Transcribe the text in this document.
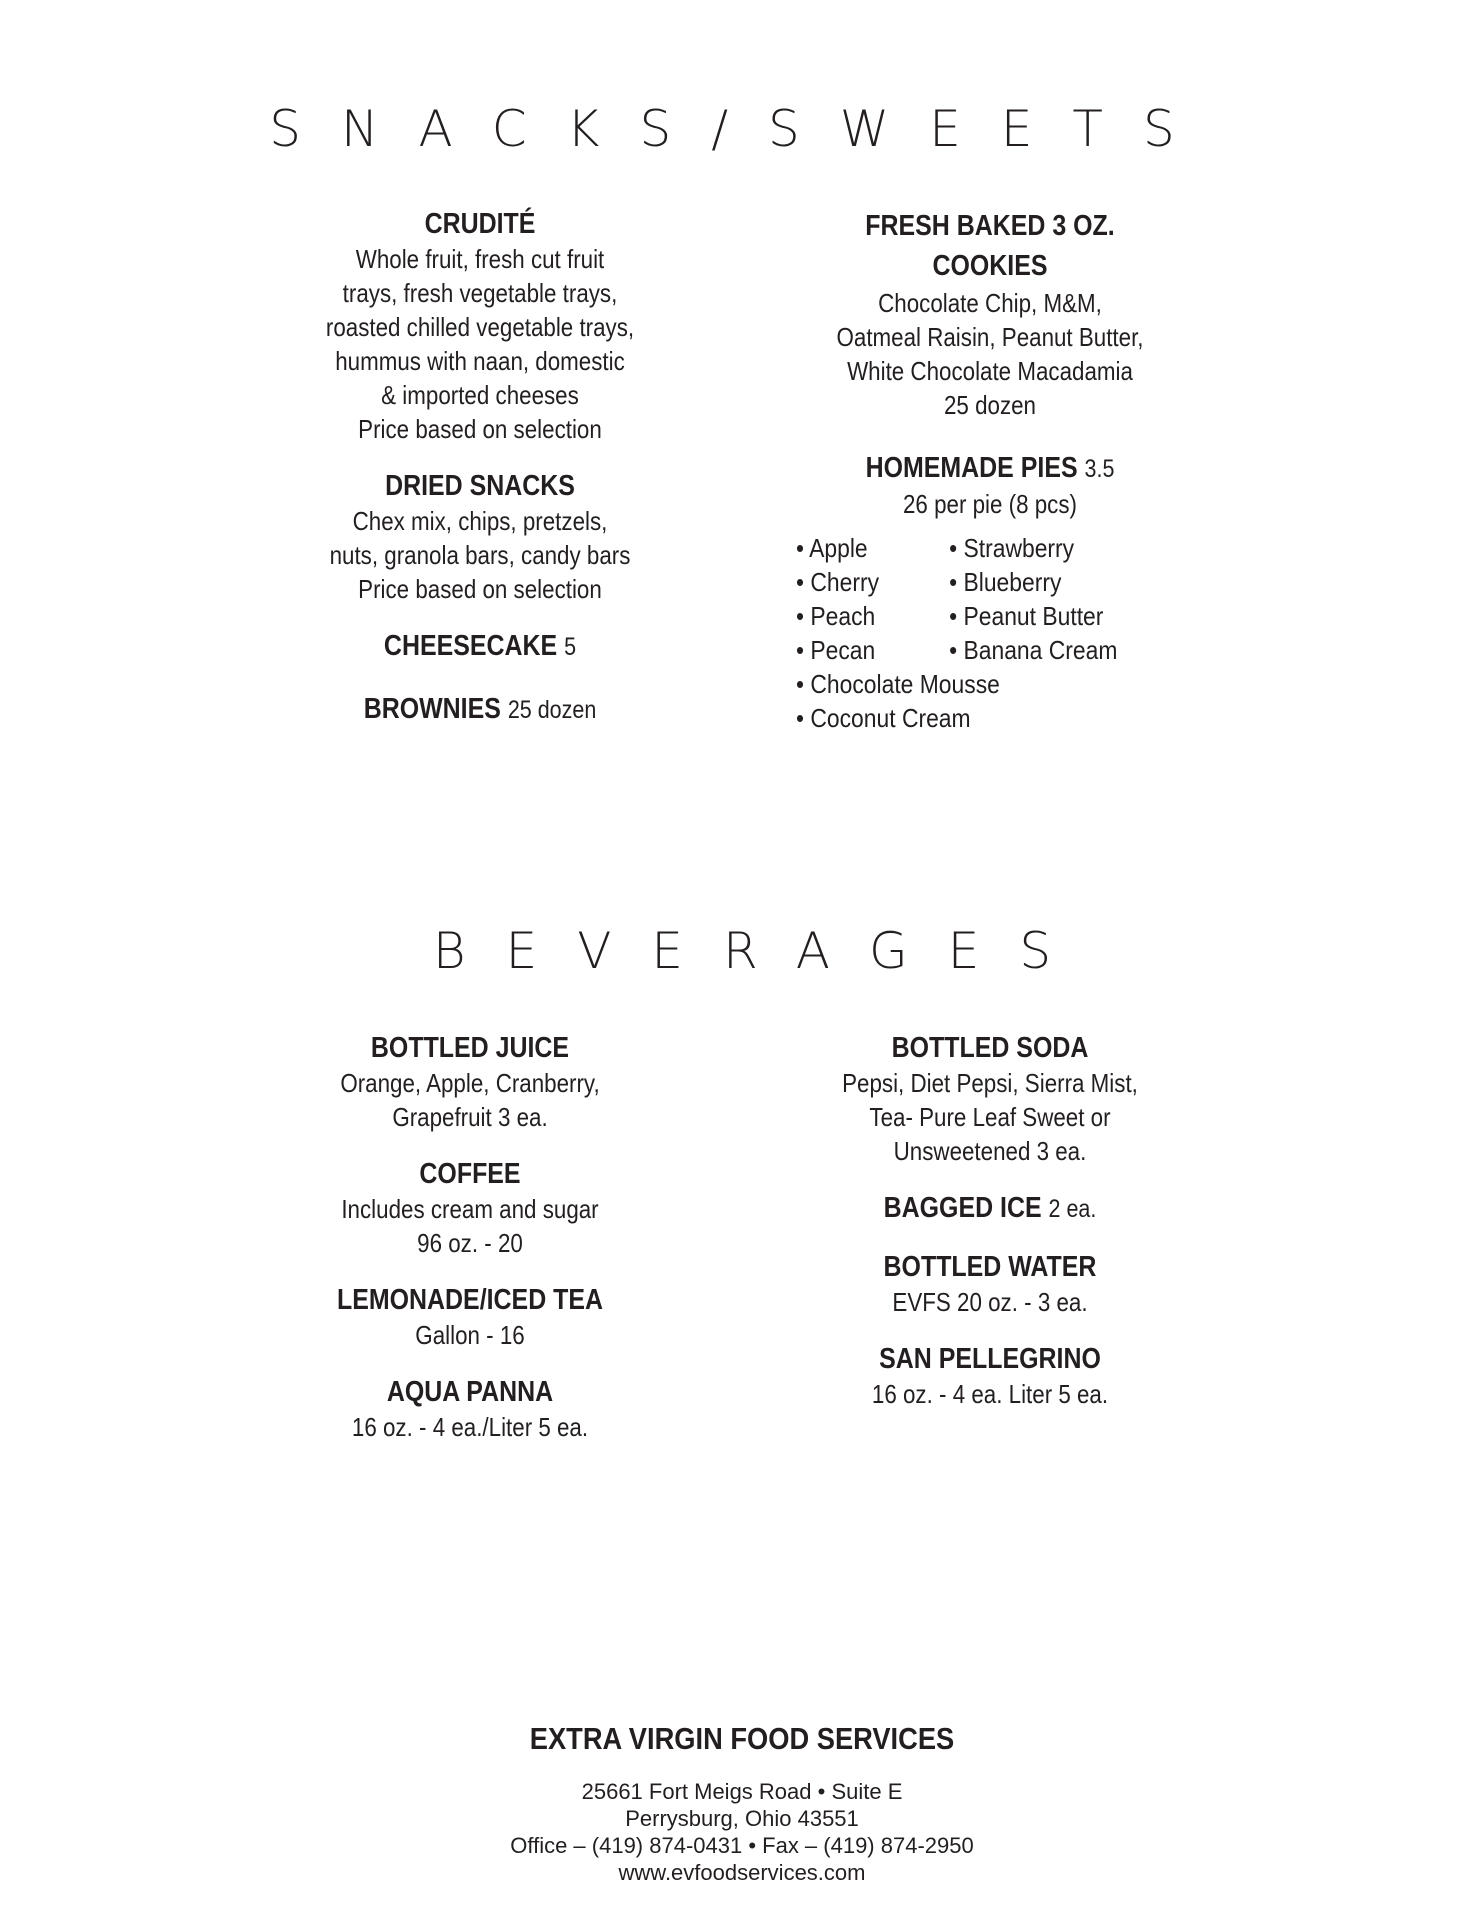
SNACKS/SWEETS
CRUDITÉ
Whole fruit, fresh cut fruit
trays, fresh vegetable trays,
roasted chilled vegetable trays,
hummus with naan, domestic
& imported cheeses
Price based on selection
DRIED SNACKS
Chex mix, chips, pretzels,
nuts, granola bars, candy bars
Price based on selection
CHEESECAKE 5
BROWNIES 25 dozen
FRESH BAKED 3 OZ.
COOKIES
Chocolate Chip, M&M,
Oatmeal Raisin, Peanut Butter,
White Chocolate Macadamia
25 dozen
HOMEMADE PIES 3.5
26 per pie (8 pcs)
• Apple	• Strawberry
• Cherry	• Blueberry
• Peach	• Peanut Butter
• Pecan	• Banana Cream
• Chocolate Mousse
• Coconut Cream
BEVERAGES
BOTTLED JUICE
Orange, Apple, Cranberry,
Grapefruit 3 ea.
COFFEE
Includes cream and sugar
96 oz. - 20
LEMONADE/ICED TEA
Gallon - 16
AQUA PANNA
16 oz. - 4 ea./Liter 5 ea.
BOTTLED SODA
Pepsi, Diet Pepsi, Sierra Mist,
Tea- Pure Leaf Sweet or
Unsweetened 3 ea.
BAGGED ICE 2 ea.
BOTTLED WATER
EVFS 20 oz. - 3 ea.
SAN PELLEGRINO
16 oz. - 4 ea. Liter 5 ea.
EXTRA VIRGIN FOOD SERVICES
25661 Fort Meigs Road • Suite E
Perrysburg, Ohio 43551
Office – (419) 874-0431 • Fax – (419) 874-2950
www.evfoodservices.com
